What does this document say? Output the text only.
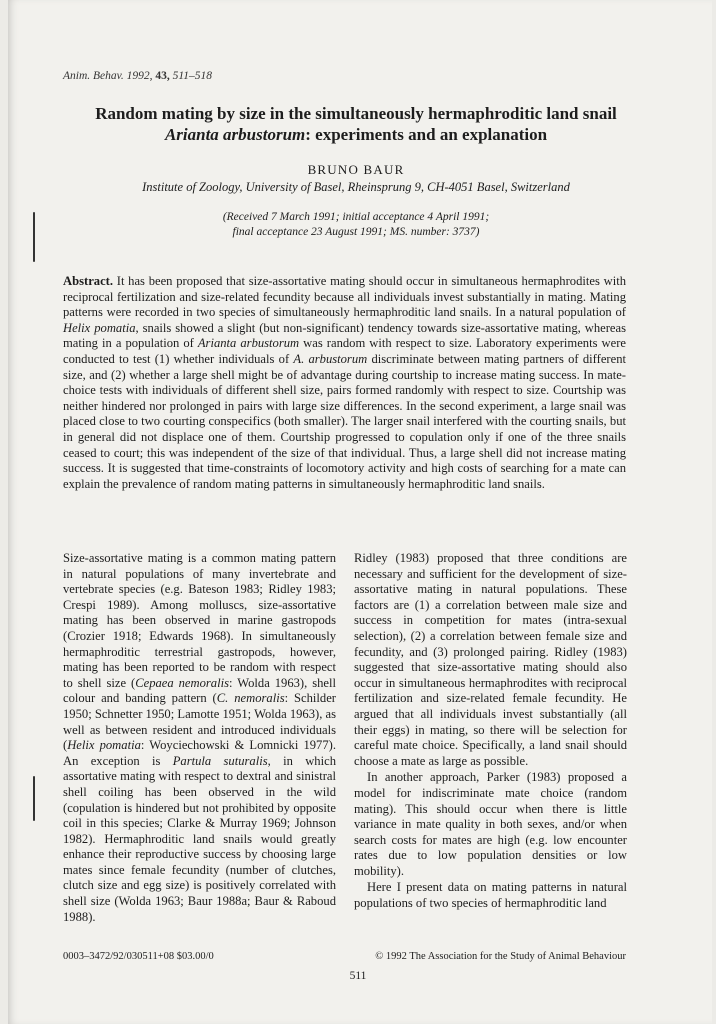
Anim. Behav. 1992, 43, 511–518
Random mating by size in the simultaneously hermaphroditic land snail
Arianta arbustorum: experiments and an explanation
BRUNO BAUR
Institute of Zoology, University of Basel, Rheinsprung 9, CH-4051 Basel, Switzerland
(Received 7 March 1991; initial acceptance 4 April 1991;
final acceptance 23 August 1991; MS. number: 3737)

Abstract. It has been proposed that size-assortative mating should occur in simultaneous hermaphrodites with reciprocal fertilization and size-related fecundity because all individuals invest substantially in mating. Mating patterns were recorded in two species of simultaneously hermaphroditic land snails. In a natural population of Helix pomatia, snails showed a slight (but non-significant) tendency towards size-assortative mating, whereas mating in a population of Arianta arbustorum was random with respect to size. Laboratory experiments were conducted to test (1) whether individuals of A. arbustorum discriminate between mating partners of different size, and (2) whether a large shell might be of advantage during courtship to increase mating success. In mate-choice tests with individuals of different shell size, pairs formed randomly with respect to size. Courtship was neither hindered nor prolonged in pairs with large size differences. In the second experiment, a large snail was placed close to two courting conspecifics (both smaller). The larger snail interfered with the courting snails, but in general did not displace one of them. Courtship progressed to copulation only if one of the three snails ceased to court; this was independent of the size of that individual. Thus, a large shell did not increase mating success. It is suggested that time-constraints of locomotory activity and high costs of searching for a mate can explain the prevalence of random mating patterns in simultaneously hermaphroditic land snails.

Size-assortative mating is a common mating pattern in natural populations of many invertebrate and vertebrate species (e.g. Bateson 1983; Ridley 1983; Crespi 1989). Among molluscs, size-assortative mating has been observed in marine gastropods (Crozier 1918; Edwards 1968). In simultaneously hermaphroditic terrestrial gastropods, however, mating has been reported to be random with respect to shell size (Cepaea nemoralis: Wolda 1963), shell colour and banding pattern (C. nemoralis: Schilder 1950; Schnetter 1950; Lamotte 1951; Wolda 1963), as well as between resident and introduced individuals (Helix pomatia: Woyciechowski & Lomnicki 1977). An exception is Partula suturalis, in which assortative mating with respect to dextral and sinistral shell coiling has been observed in the wild (copulation is hindered but not prohibited by opposite coil in this species; Clarke & Murray 1969; Johnson 1982). Hermaphroditic land snails would greatly enhance their reproductive success by choosing large mates since female fecundity (number of clutches, clutch size and egg size) is positively correlated with shell size (Wolda 1963; Baur 1988a; Baur & Raboud 1988).

Ridley (1983) proposed that three conditions are necessary and sufficient for the development of size-assortative mating in natural populations. These factors are (1) a correlation between male size and success in competition for mates (intra-sexual selection), (2) a correlation between female size and fecundity, and (3) prolonged pairing. Ridley (1983) suggested that size-assortative mating should also occur in simultaneous hermaphrodites with reciprocal fertilization and size-related female fecundity. He argued that all individuals invest substantially (all their eggs) in mating, so there will be selection for careful mate choice. Specifically, a land snail should choose a mate as large as possible.

In another approach, Parker (1983) proposed a model for indiscriminate mate choice (random mating). This should occur when there is little variance in mate quality in both sexes, and/or when search costs for mates are high (e.g. low encounter rates due to low population densities or low mobility).

Here I present data on mating patterns in natural populations of two species of hermaphroditic land

0003–3472/92/030511+08 $03.00/0	© 1992 The Association for the Study of Animal Behaviour
511
